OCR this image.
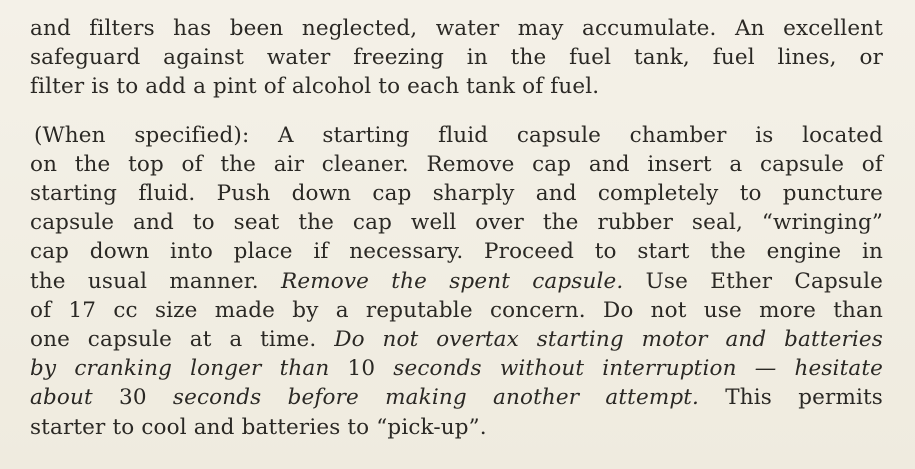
and filters has been neglected, water may accumulate. An excellent
safeguard against water freezing in the fuel tank, fuel lines, or
filter is to add a pint of alcohol to each tank of fuel.

(When specified): A starting fluid capsule chamber is located
on the top of the air cleaner. Remove cap and insert a capsule of
starting fluid. Push down cap sharply and completely to puncture
capsule and to seat the cap well over the rubber seal, “wringing”
cap down into place if necessary. Proceed to start the engine in
the usual manner. Remove the spent capsule. Use Ether Capsule
of 17 cc size made by a reputable concern. Do not use more than
one capsule at a time. Do not overtax starting motor and batteries
by cranking longer than 10 seconds without interruption — hesitate
about 30 seconds before making another attempt. This permits
starter to cool and batteries to “pick-up”.
